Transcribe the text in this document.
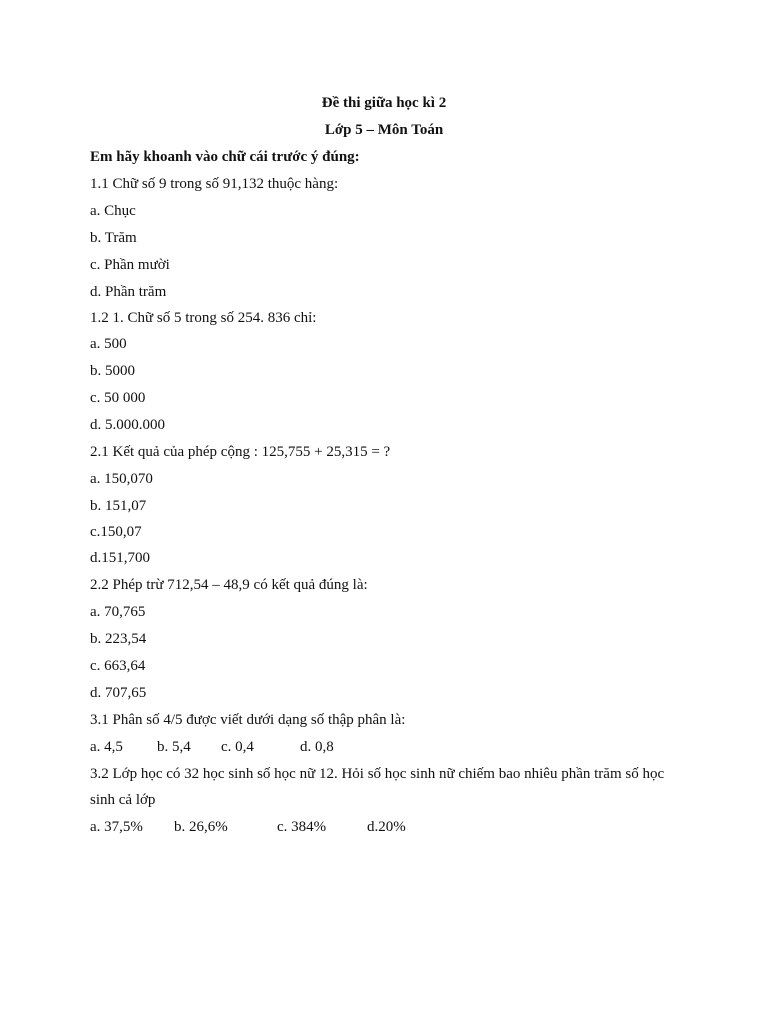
Đề thi giữa học kì 2
Lớp 5 – Môn Toán
Em hãy khoanh vào chữ cái trước ý đúng:
1.1 Chữ số 9 trong số 91,132 thuộc hàng:
a. Chục
b. Trăm
c. Phần mười
d. Phần trăm
1.2 1. Chữ số 5 trong số 254. 836 chỉ:
a. 500
b. 5000
c. 50 000
d. 5.000.000
2.1 Kết quả của phép cộng : 125,755 + 25,315 = ?
a. 150,070
b. 151,07
c.150,07
d.151,700
2.2 Phép trừ 712,54 – 48,9 có kết quả đúng là:
a. 70,765
b. 223,54
c. 663,64
d. 707,65
3.1 Phân số 4/5 được viết dưới dạng số thập phân là:
a. 4,5 b. 5,4 c. 0,4	d. 0,8
3.2 Lớp học có 32 học sinh số học nữ 12. Hỏi số học sinh nữ chiếm bao nhiêu phần trăm số học
sinh cả lớp
a. 37,5% b. 26,6%	c. 384%	d.20%
